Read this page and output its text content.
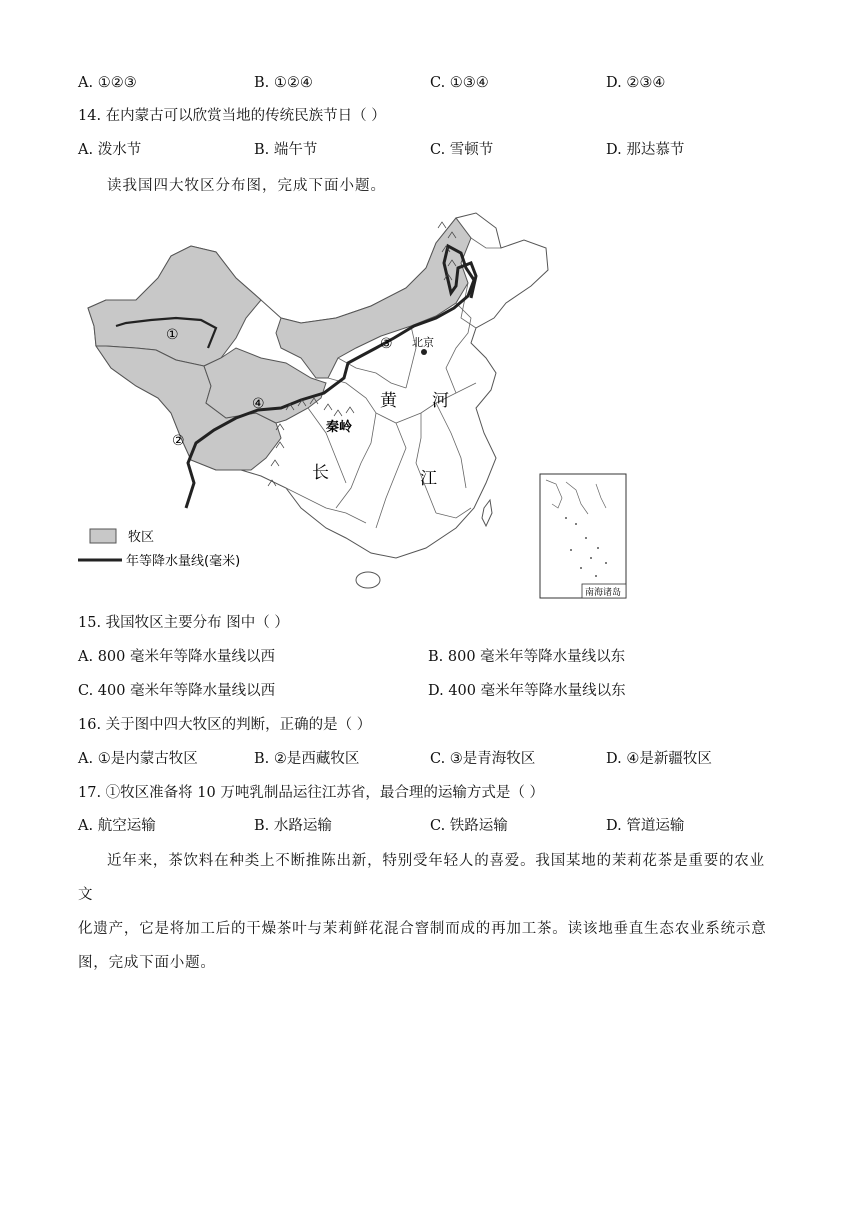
A. ①②③	B. ①②④	C. ①③④	D. ②③④
14. 在内蒙古可以欣赏当地的传统民族节日（ ）
A. 泼水节	B. 端午节	C. 雪顿节	D. 那达慕节
读我国四大牧区分布图，完成下面小题。
北京
①
②
③
④	黄 河
秦岭
长	江
牧区
年等降水量线(毫米)
南海诸岛
15. 我国牧区主要分布 图中（ ）
A. 800 毫米年等降水量线以西	B. 800 毫米年等降水量线以东
C. 400 毫米年等降水量线以西	D. 400 毫米年等降水量线以东
16. 关于图中四大牧区的判断，正确的是（ ）
A. ①是内蒙古牧区	B. ②是西藏牧区	C. ③是青海牧区	D. ④是新疆牧区
17. ①牧区准备将 10 万吨乳制品运往江苏省，最合理的运输方式是（ ）
A. 航空运输	B. 水路运输	C. 铁路运输	D. 管道运输
近年来，茶饮料在种类上不断推陈出新，特别受年轻人的喜爱。我国某地的茉莉花茶是重要的农业文
化遗产，它是将加工后的干燥茶叶与茉莉鲜花混合窨制而成的再加工茶。读该地垂直生态农业系统示意
图，完成下面小题。
